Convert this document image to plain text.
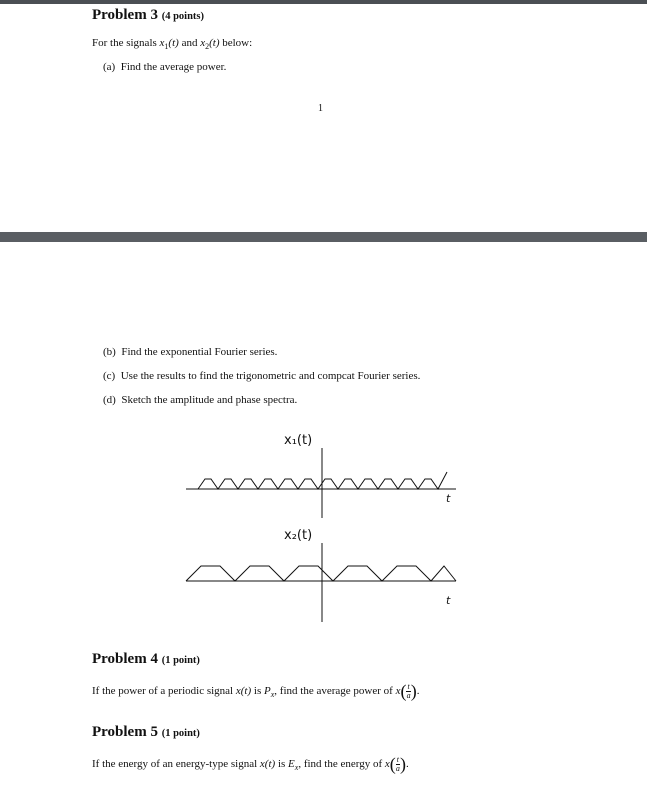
Problem 3 (4 points)
For the signals $x_1(t)$ and $x_2(t)$ below:
(a) Find the average power.
1
(b) Find the exponential Fourier series.
(c) Use the results to find the trigonometric and compcat Fourier series.
(d) Sketch the amplitude and phase spectra.
x₁(t)
t
x₂(t)
t
Problem 4 (1 point)
If the power of a periodic signal x(t) is $P_x$, find the average power of $x( \frac{t}{a}$ ).
Problem 5 (1 point)
If the energy of an energy-type signal x(t) is $E_x$, find the energy of $x( \frac{t}{a}$ ).
